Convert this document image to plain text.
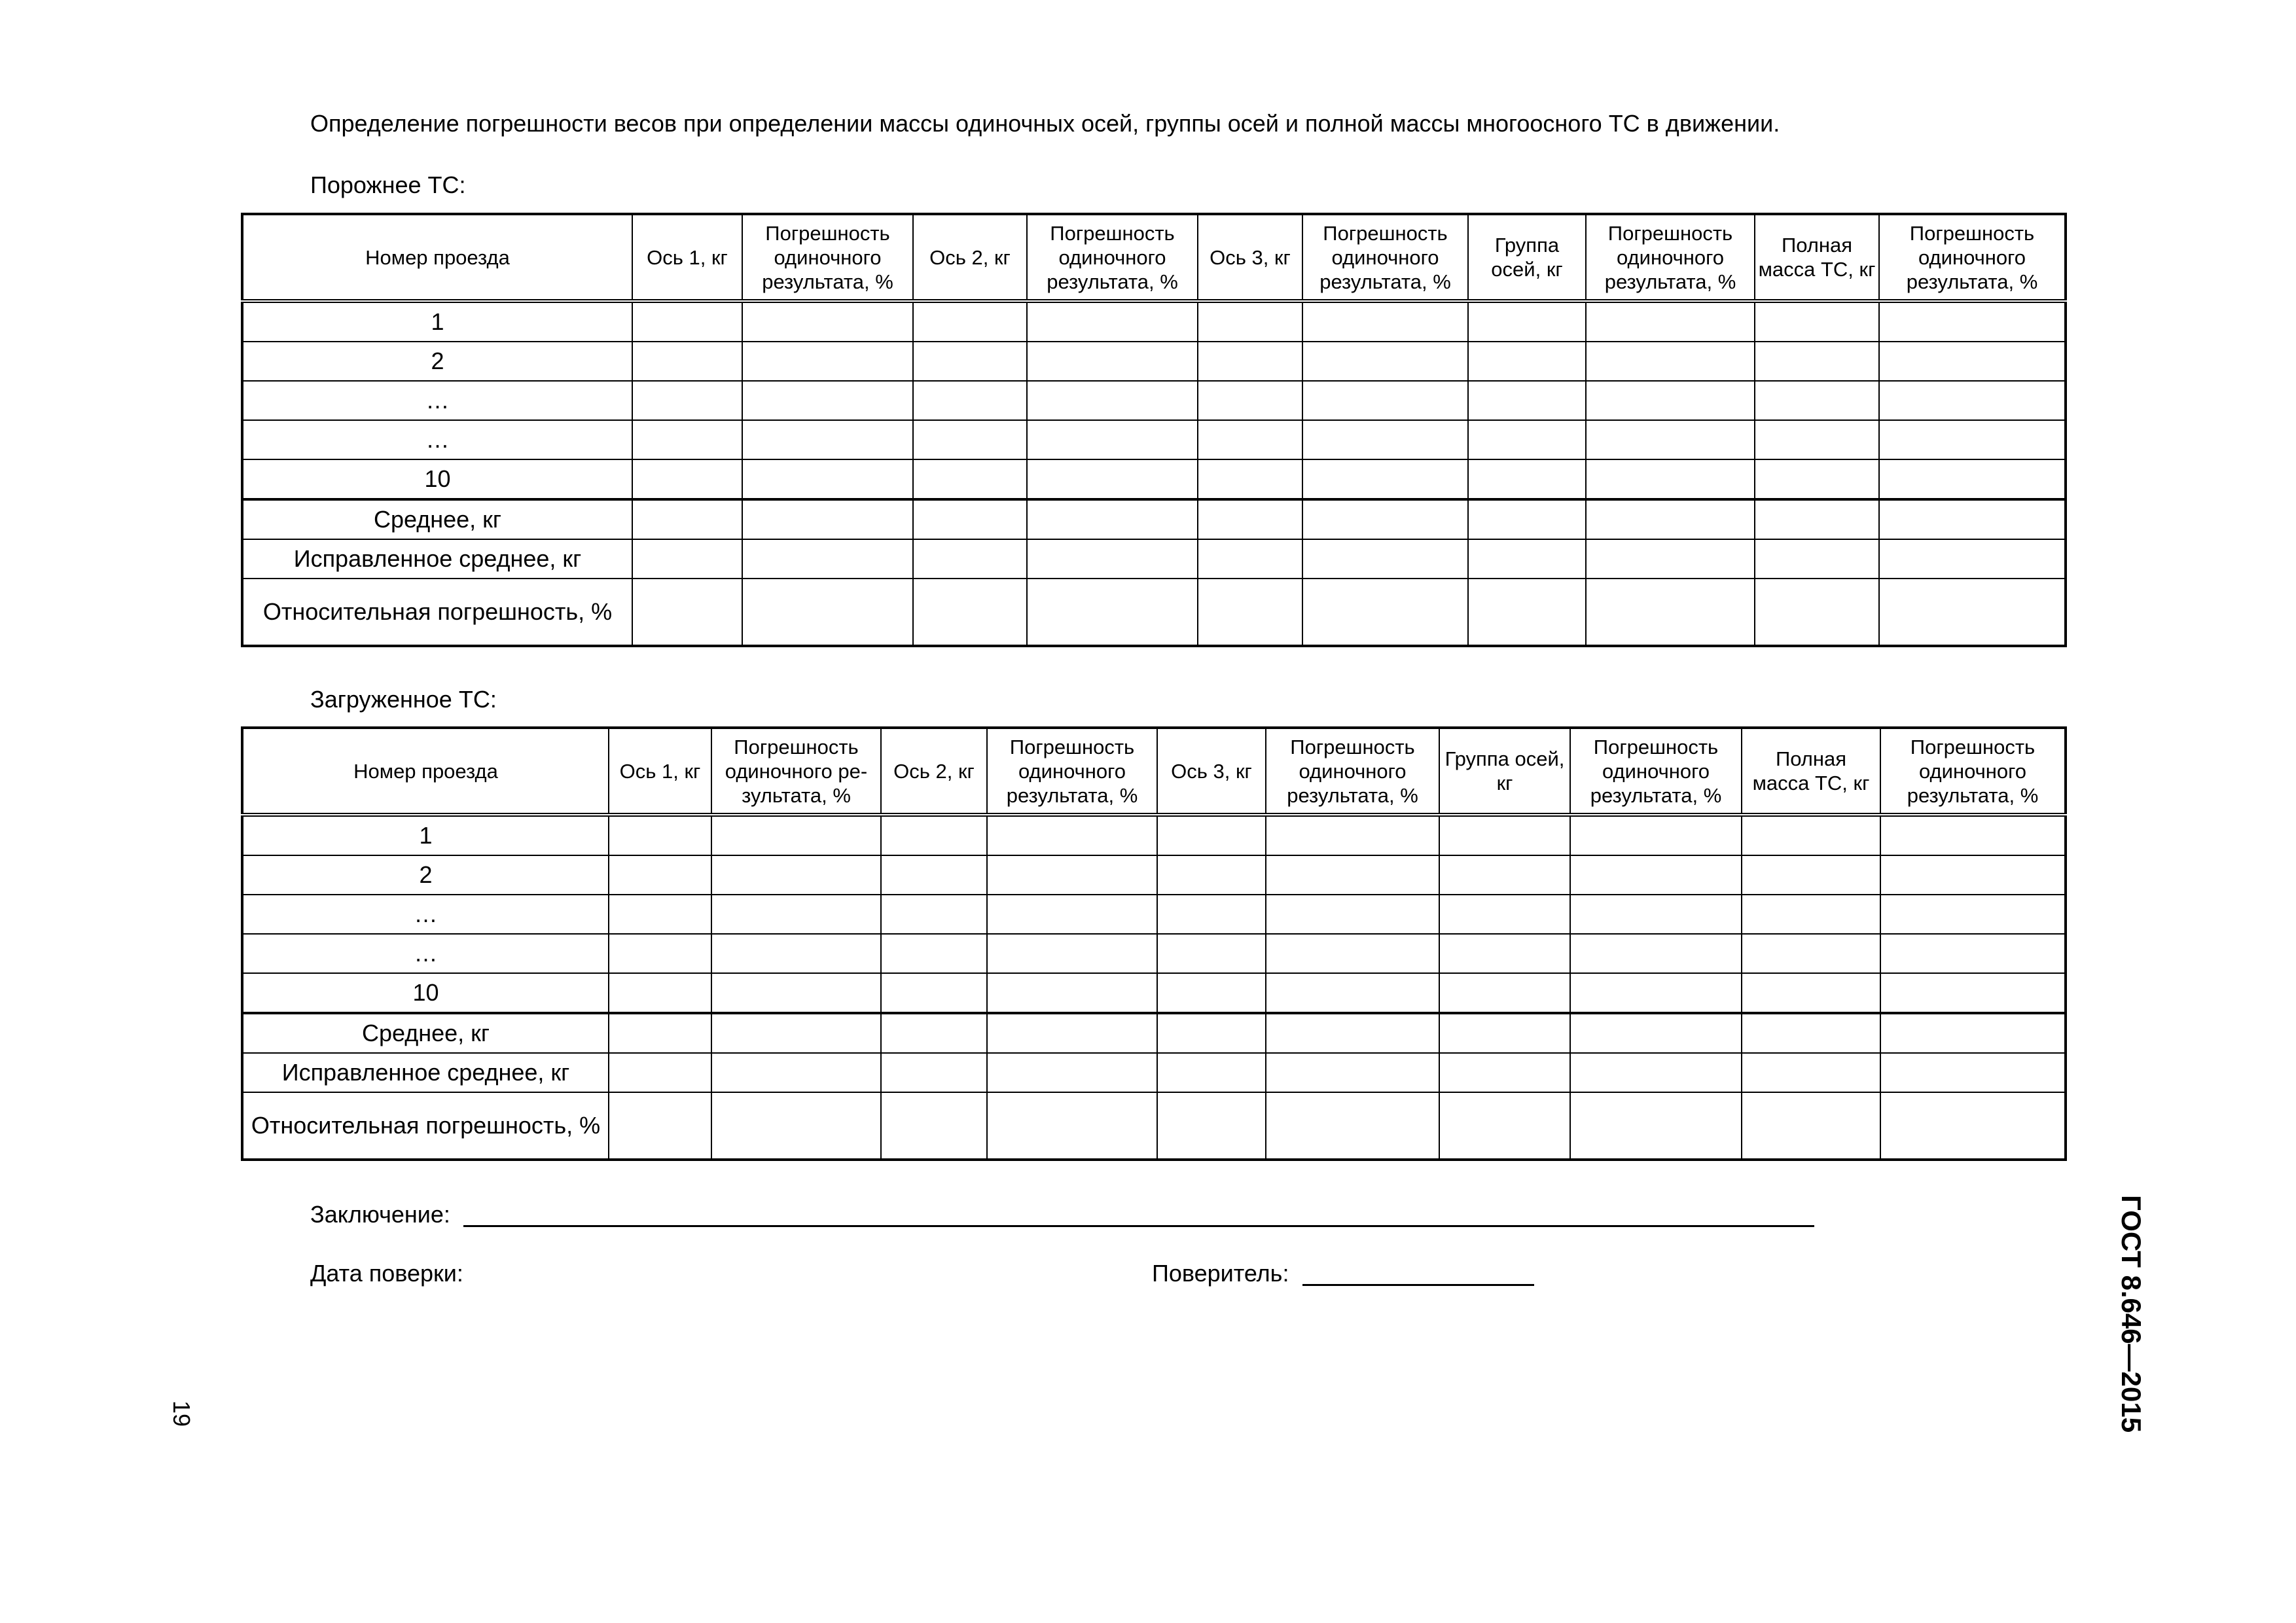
Определение погрешности весов при определении массы одиночных осей, группы осей и полной массы многоосного ТС в движении.
Порожнее ТС:
Номер проезда	Ось 1, кг	Погрешность одиночного результата, %	Ось 2, кг	Погрешность одиночного результата, %	Ось 3, кг	Погрешность одиночного результата, %	Группа осей, кг	Погрешность одиночного результата, %	Полная масса ТС, кг	Погрешность одиночного результата, %
1										
2										
…										
…										
10										
Среднее, кг										
Исправленное среднее, кг										
Относительная погрешность, %										
Загруженное ТС:
Номер проезда	Ось 1, кг	Погрешность одиночного ре-зультата, %	Ось 2, кг	Погрешность одиночного результата, %	Ось 3, кг	Погрешность одиночного результата, %	Группа осей, кг	Погрешность одиночного результата, %	Полная масса ТС, кг	Погрешность одиночного результата, %
1										
2										
…										
…										
10										
Среднее, кг										
Исправленное среднее, кг										
Относительная погрешность, %										
Заключение:
Дата поверки:	Поверитель:
19	ГОСТ 8.646—2015
